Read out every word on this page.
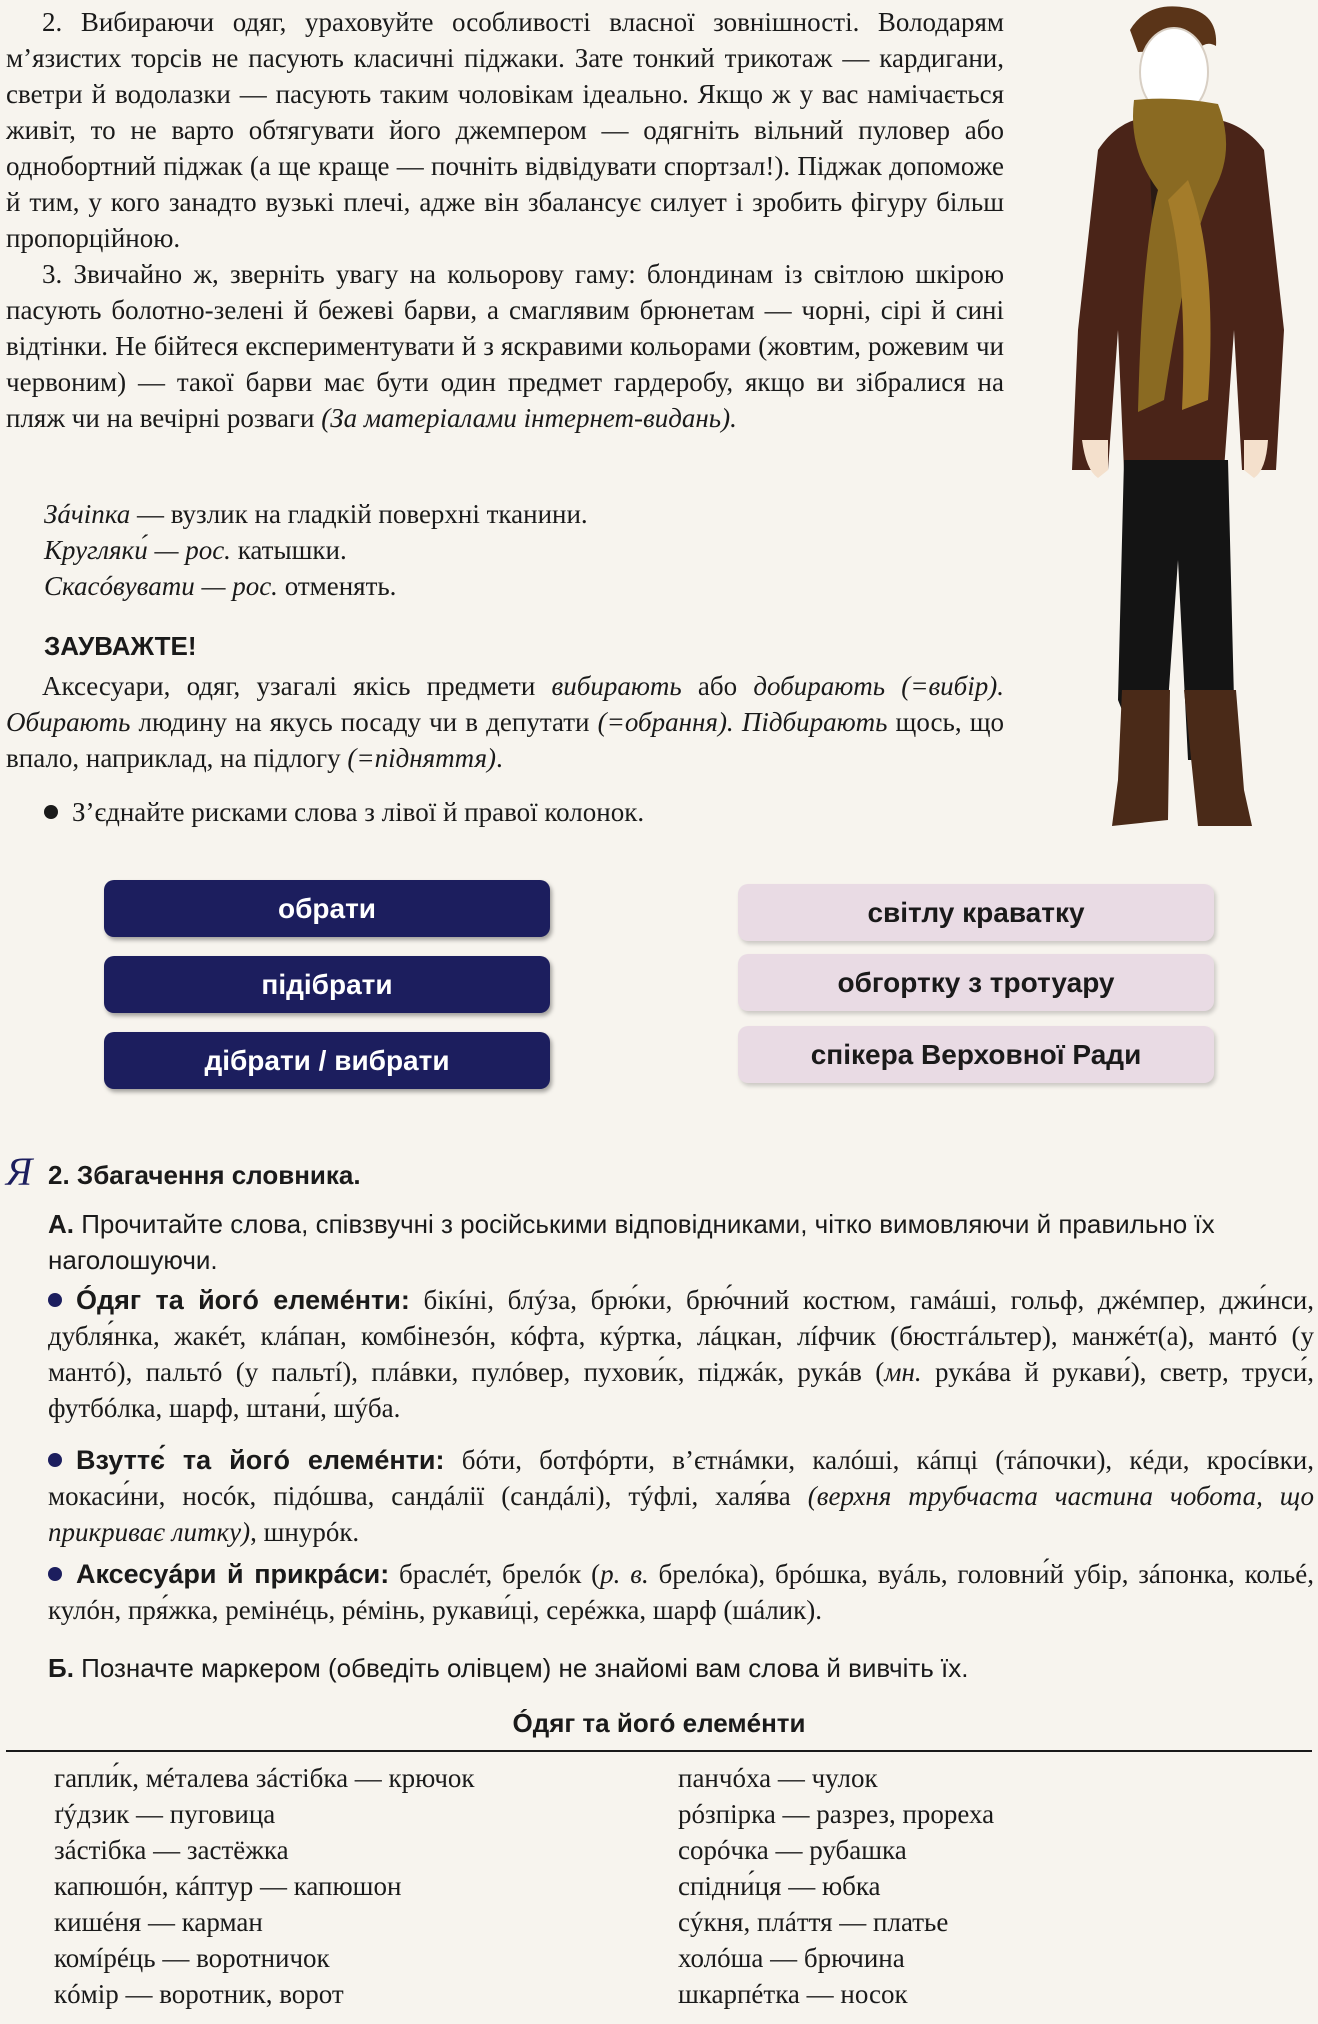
2. Вибираючи одяг, ураховуйте особливості власної зовнішності. Володарям м’язистих торсів не пасують класичні піджаки. Зате тонкий трикотаж — кардигани, светри й водолазки — пасують таким чоловікам ідеально. Якщо ж у вас намічається живіт, то не варто обтягувати його джемпером — одягніть вільний пуловер або однобортний піджак (а ще краще — почніть відвідувати спортзал!). Піджак допоможе й тим, у кого занадто вузькі плечі, адже він збалансує силует і зробить фігуру більш пропорційною.

3. Звичайно ж, зверніть увагу на кольорову гаму: блондинам із світлою шкірою пасують болотно-зелені й бежеві барви, а смаглявим брюнетам — чорні, сірі й сині відтінки. Не бійтеся експериментувати й з яскравими кольорами (жовтим, рожевим чи червоним) — такої барви має бути один предмет гардеробу, якщо ви зібралися на пляж чи на вечірні розваги (За матеріалами інтернет-видань).

Зáчіпка — вузлик на гладкій поверхні тканини.
Кругляки́ — рос. катышки.
Скасóвувати — рос. отменять.

ЗАУВАЖТЕ!

Аксесуари, одяг, узагалі якісь предмети вибирають або добирають (=вибір). Обирають людину на якусь посаду чи в депутати (=обрання). Підбирають щось, що впало, наприклад, на підлогу (=підняття).

З’єднайте рисками слова з лівої й правої колонок.

обрати
підібрати
дібрати / вибрати
світлу краватку
обгортку з тротуару
спікера Верховної Ради
Я 2. Збагачення словника.

А. Прочитайте слова, співзвучні з російськими відповідниками, чітко вимовляючи й правильно їх наголошуючи.

Óдяг та йогó елемéнти: бікíні, блýза, брю́ки, брю́чний костюм, гамáші, гольф, джéмпер, джи́нси, дубля́нка, жакéт, клáпан, комбінезóн, кóфта, кýртка, лáцкан, лíфчик (бюстгáльтер), манжéт(а), мантó (у мантó), пальтó (у пальтí), плáвки, пулóвер, пухови́к, піджáк, рукáв (мн. рукáва й рукави́), светр, труси́, футбóлка, шарф, штани́, шýба.

Взуттє́ та йогó елемéнти: бóти, ботфóрти, в’єтнáмки, калóші, кáпці (тáпочки), кéди, кросíвки, мокаси́ни, носóк, підóшва, сандáлії (сандáлі), тýфлі, халя́ва (верхня трубчаста частина чобота, що прикриває литку), шнурóк.

Аксесуáри й прикрáси: браслéт, брелóк (р. в. брелóка), брóшка, вуáль, головни́й убір, зáпонка, кольé, кулóн, пря́жка, ремінéць, рéмінь, рукави́ці, серéжка, шарф (шáлик).

Б. Позначте маркером (обведіть олівцем) не знайомі вам слова й вивчіть їх.

Óдяг та йогó елемéнти

гапли́к, мéталева зáстібка — крючок
ґýдзик — пуговица
зáстібка — застёжка
капюшóн, кáптур — капюшон
кишéня — карман
комíрéць — воротничок
кóмір — воротник, ворот
панчóха — чулок
рóзпірка — разрез, прореха
сорóчка — рубашка
спідни́ця — юбка
сýкня, плáття — платье
холóша — брючина
шкарпéтка — носок
